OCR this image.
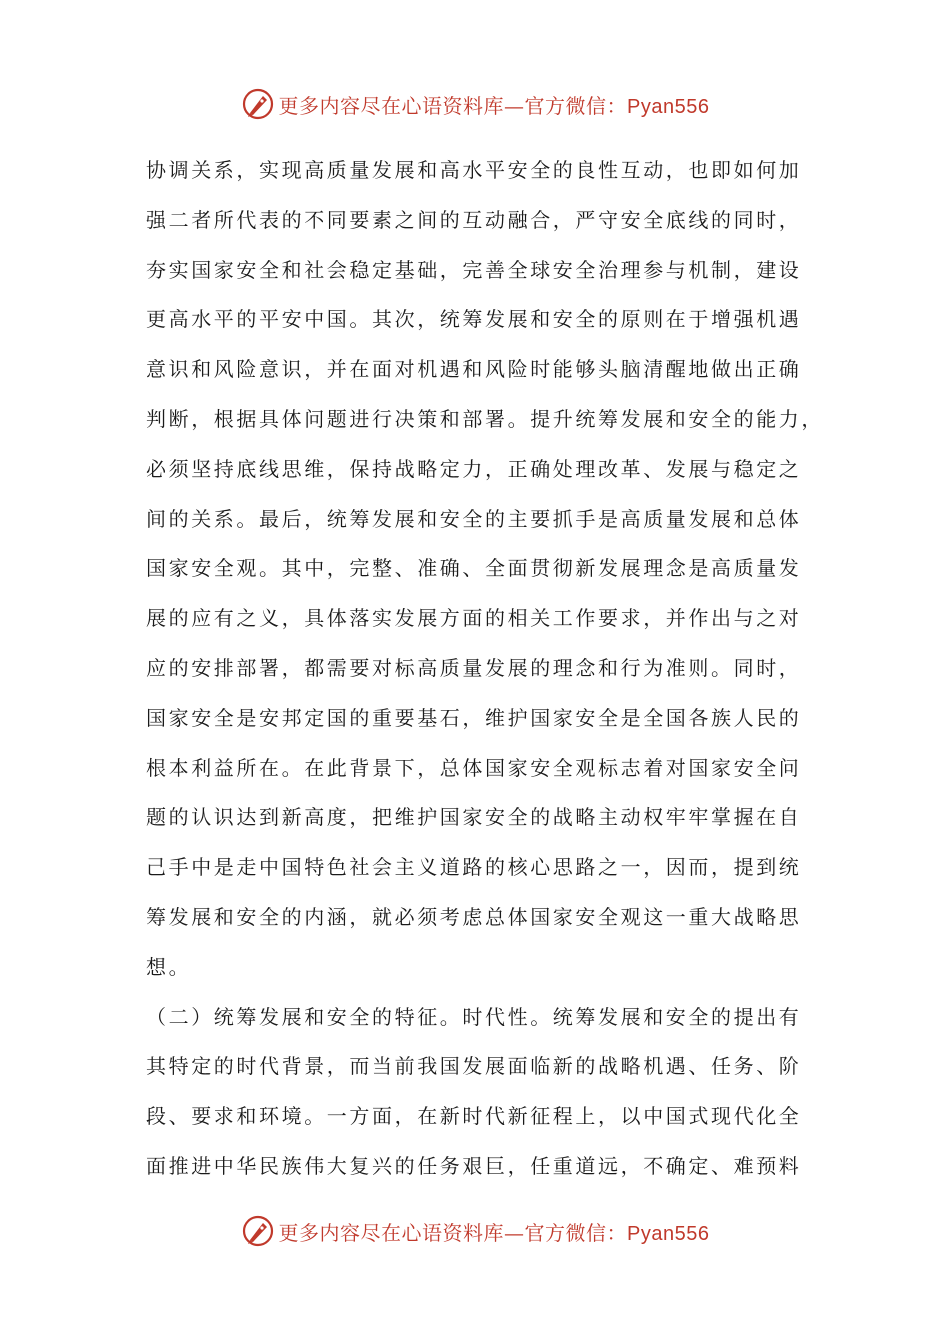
更多内容尽在心语资料库—官方微信：Pyan556
协调关系，实现高质量发展和高水平安全的良性互动，也即如何加
强二者所代表的不同要素之间的互动融合，严守安全底线的同时，
夯实国家安全和社会稳定基础，完善全球安全治理参与机制，建设
更高水平的平安中国。其次，统筹发展和安全的原则在于增强机遇
意识和风险意识，并在面对机遇和风险时能够头脑清醒地做出正确
判断，根据具体问题进行决策和部署。提升统筹发展和安全的能力，
必须坚持底线思维，保持战略定力，正确处理改革、发展与稳定之
间的关系。最后，统筹发展和安全的主要抓手是高质量发展和总体
国家安全观。其中，完整、准确、全面贯彻新发展理念是高质量发
展的应有之义，具体落实发展方面的相关工作要求，并作出与之对
应的安排部署，都需要对标高质量发展的理念和行为准则。同时，
国家安全是安邦定国的重要基石，维护国家安全是全国各族人民的
根本利益所在。在此背景下，总体国家安全观标志着对国家安全问
题的认识达到新高度，把维护国家安全的战略主动权牢牢掌握在自
己手中是走中国特色社会主义道路的核心思路之一，因而，提到统
筹发展和安全的内涵，就必须考虑总体国家安全观这一重大战略思
想。
（二）统筹发展和安全的特征。时代性。统筹发展和安全的提出有
其特定的时代背景，而当前我国发展面临新的战略机遇、任务、阶
段、要求和环境。一方面，在新时代新征程上，以中国式现代化全
面推进中华民族伟大复兴的任务艰巨，任重道远，不确定、难预料
更多内容尽在心语资料库—官方微信：Pyan556
